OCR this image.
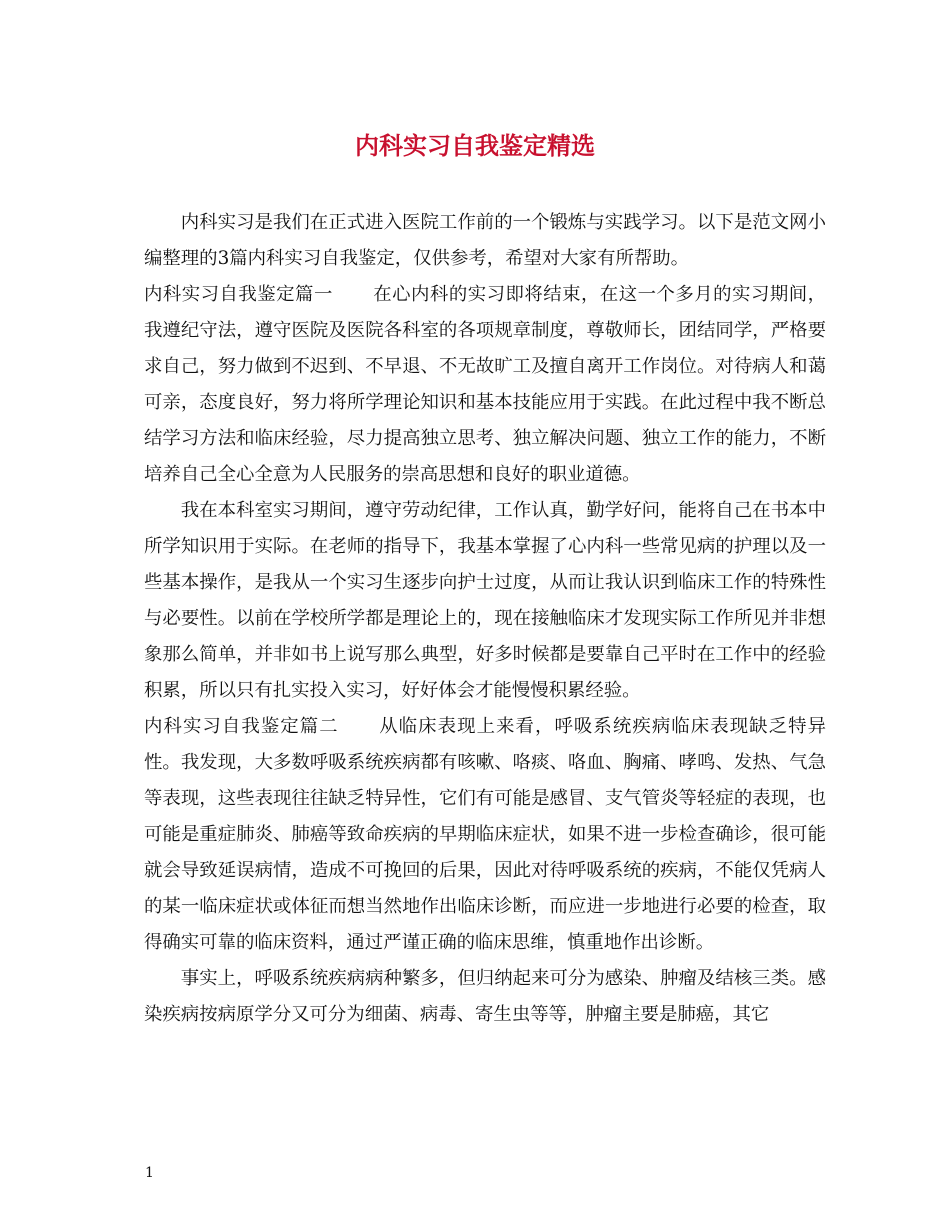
内科实习自我鉴定精选

内科实习是我们在正式进入医院工作前的一个锻炼与实践学习。以下是范文网小编整理的3篇内科实习自我鉴定，仅供参考，希望对大家有所帮助。

内科实习自我鉴定篇一 在心内科的实习即将结束，在这一个多月的实习期间，我遵纪守法，遵守医院及医院各科室的各项规章制度，尊敬师长，团结同学，严格要求自己，努力做到不迟到、不早退、不无故旷工及擅自离开工作岗位。对待病人和蔼可亲，态度良好，努力将所学理论知识和基本技能应用于实践。在此过程中我不断总结学习方法和临床经验，尽力提高独立思考、独立解决问题、独立工作的能力，不断培养自己全心全意为人民服务的崇高思想和良好的职业道德。

我在本科室实习期间，遵守劳动纪律，工作认真，勤学好问，能将自己在书本中所学知识用于实际。在老师的指导下，我基本掌握了心内科一些常见病的护理以及一些基本操作，是我从一个实习生逐步向护士过度，从而让我认识到临床工作的特殊性与必要性。以前在学校所学都是理论上的，现在接触临床才发现实际工作所见并非想象那么简单，并非如书上说写那么典型，好多时候都是要靠自己平时在工作中的经验积累，所以只有扎实投入实习，好好体会才能慢慢积累经验。

内科实习自我鉴定篇二 从临床表现上来看，呼吸系统疾病临床表现缺乏特异性。我发现，大多数呼吸系统疾病都有咳嗽、咯痰、咯血、胸痛、哮鸣、发热、气急等表现，这些表现往往缺乏特异性，它们有可能是感冒、支气管炎等轻症的表现，也可能是重症肺炎、肺癌等致命疾病的早期临床症状，如果不进一步检查确诊，很可能就会导致延误病情，造成不可挽回的后果，因此对待呼吸系统的疾病，不能仅凭病人的某一临床症状或体征而想当然地作出临床诊断，而应进一步地进行必要的检查，取得确实可靠的临床资料，通过严谨正确的临床思维，慎重地作出诊断。

事实上，呼吸系统疾病病种繁多，但归纳起来可分为感染、肿瘤及结核三类。感染疾病按病原学分又可分为细菌、病毒、寄生虫等等，肿瘤主要是肺癌，其它

1
